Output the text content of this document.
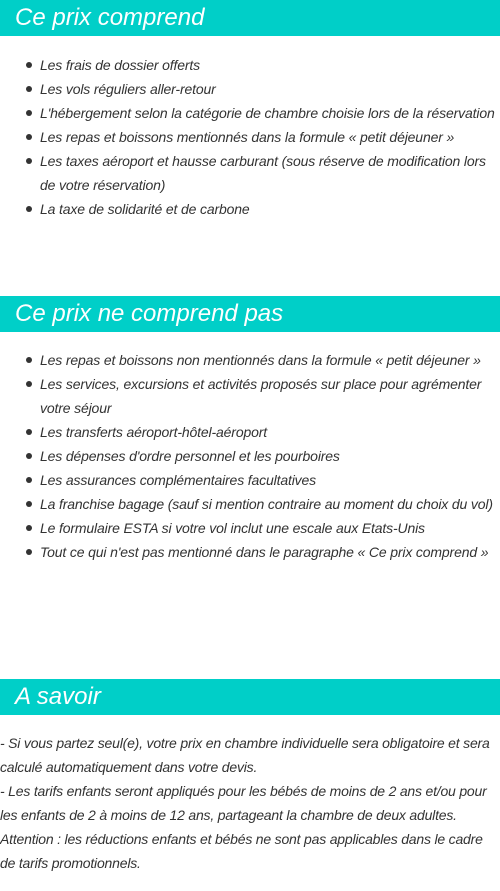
Ce prix comprend
Les frais de dossier offerts
Les vols réguliers aller-retour
L'hébergement selon la catégorie de chambre choisie lors de la réservation
Les repas et boissons mentionnés dans la formule « petit déjeuner »
Les taxes aéroport et hausse carburant (sous réserve de modification lors de votre réservation)
La taxe de solidarité et de carbone
Ce prix ne comprend pas
Les repas et boissons non mentionnés dans la formule « petit déjeuner »
Les services, excursions et activités proposés sur place pour agrémenter votre séjour
Les transferts aéroport-hôtel-aéroport
Les dépenses d'ordre personnel et les pourboires
Les assurances complémentaires facultatives
La franchise bagage (sauf si mention contraire au moment du choix du vol)
Le formulaire ESTA si votre vol inclut une escale aux Etats-Unis
Tout ce qui n'est pas mentionné dans le paragraphe « Ce prix comprend »
A savoir

- Si vous partez seul(e), votre prix en chambre individuelle sera obligatoire et sera calculé automatiquement dans votre devis.

- Les tarifs enfants seront appliqués pour les bébés de moins de 2 ans et/ou pour les enfants de 2 à moins de 12 ans, partageant la chambre de deux adultes.

Attention : les réductions enfants et bébés ne sont pas applicables dans le cadre de tarifs promotionnels.
